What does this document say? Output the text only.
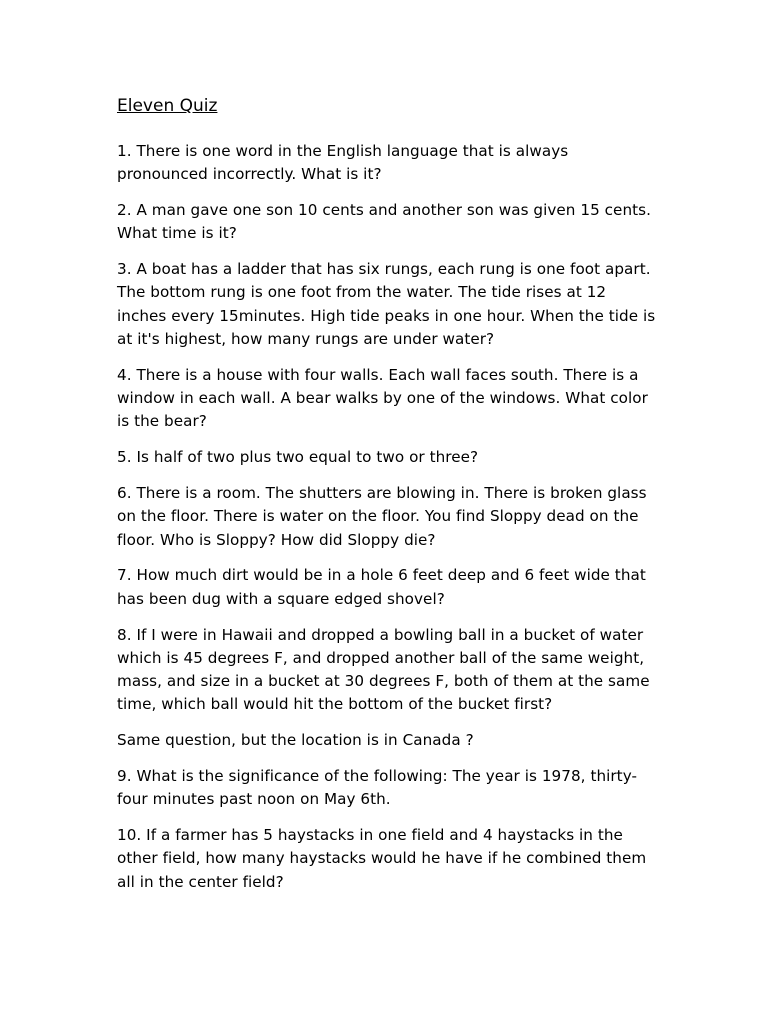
Eleven Quiz

1. There is one word in the English language that is always pronounced incorrectly. What is it?

2. A man gave one son 10 cents and another son was given 15 cents. What time is it?

3. A boat has a ladder that has six rungs, each rung is one foot apart. The bottom rung is one foot from the water. The tide rises at 12 inches every 15minutes. High tide peaks in one hour. When the tide is at it's highest, how many rungs are under water?

4. There is a house with four walls. Each wall faces south. There is a window in each wall. A bear walks by one of the windows. What color is the bear?

5. Is half of two plus two equal to two or three?

6. There is a room. The shutters are blowing in. There is broken glass on the floor. There is water on the floor. You find Sloppy dead on the floor. Who is Sloppy? How did Sloppy die?

7. How much dirt would be in a hole 6 feet deep and 6 feet wide that has been dug with a square edged shovel?

8. If I were in Hawaii and dropped a bowling ball in a bucket of water which is 45 degrees F, and dropped another ball of the same weight, mass, and size in a bucket at 30 degrees F, both of them at the same time, which ball would hit the bottom of the bucket first?

Same question, but the location is in Canada ?

9. What is the significance of the following: The year is 1978, thirty-four minutes past noon on May 6th.

10. If a farmer has 5 haystacks in one field and 4 haystacks in the other field, how many haystacks would he have if he combined them all in the center field?
